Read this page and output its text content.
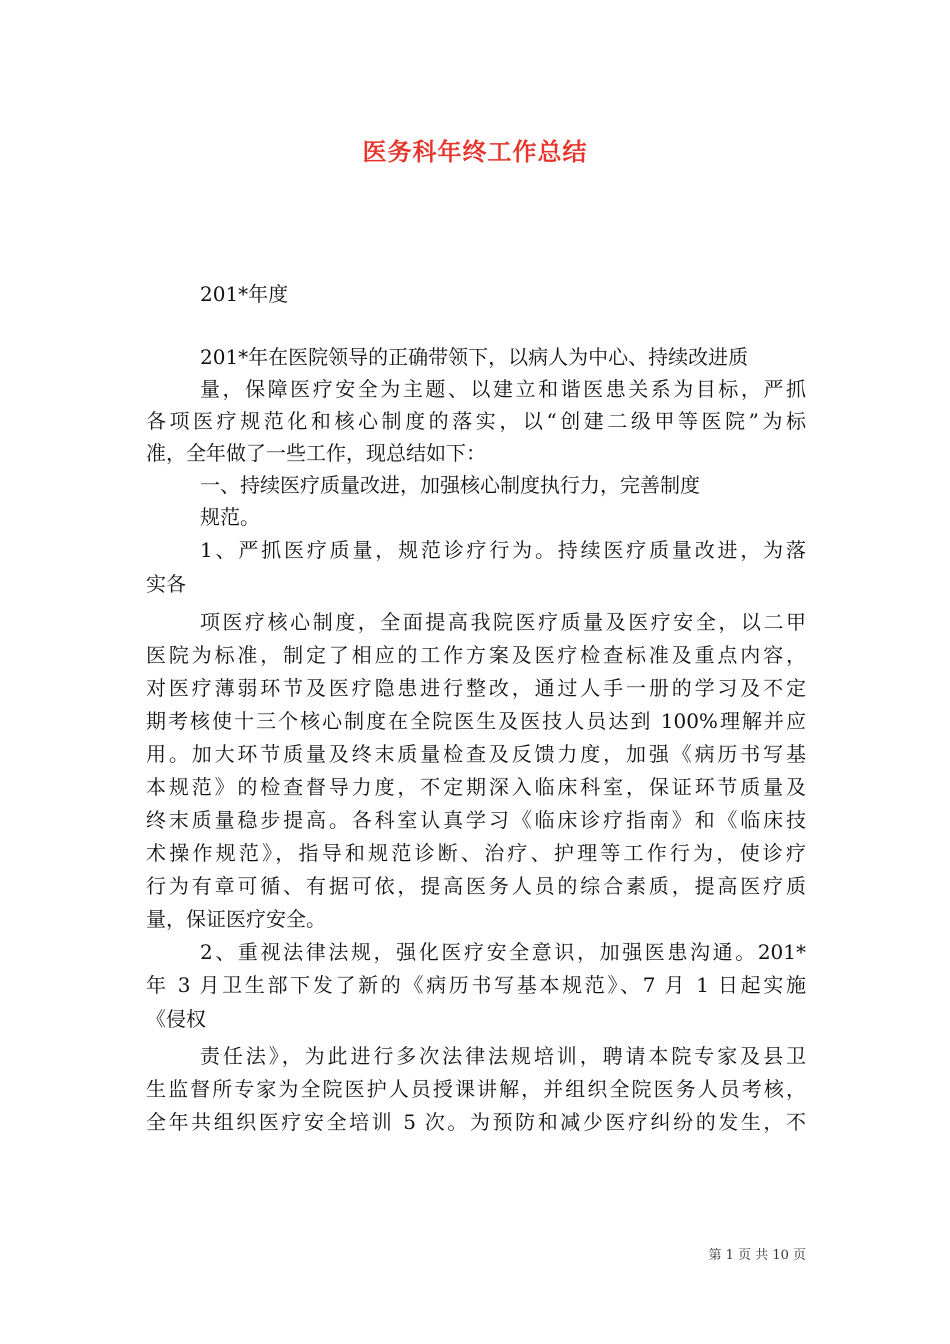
医务科年终工作总结
201*年度
201*年在医院领导的正确带领下，以病人为中心、持续改进质
量，保障医疗安全为主题、以建立和谐医患关系为目标，严抓
各项医疗规范化和核心制度的落实，以“创建二级甲等医院”为标
准，全年做了一些工作，现总结如下：
一、持续医疗质量改进，加强核心制度执行力，完善制度
规范。
1、严抓医疗质量，规范诊疗行为。持续医疗质量改进，为落
实各
项医疗核心制度，全面提高我院医疗质量及医疗安全，以二甲
医院为标准，制定了相应的工作方案及医疗检查标准及重点内容，
对医疗薄弱环节及医疗隐患进行整改，通过人手一册的学习及不定
期考核使十三个核心制度在全院医生及医技人员达到 100%理解并应
用。加大环节质量及终末质量检查及反馈力度，加强《病历书写基
本规范》的检查督导力度，不定期深入临床科室，保证环节质量及
终末质量稳步提高。各科室认真学习《临床诊疗指南》和《临床技
术操作规范》，指导和规范诊断、治疗、护理等工作行为，使诊疗
行为有章可循、有据可依，提高医务人员的综合素质，提高医疗质
量，保证医疗安全。
2、重视法律法规，强化医疗安全意识，加强医患沟通。201*
年 3 月卫生部下发了新的《病历书写基本规范》、7 月 1 日起实施
《侵权
责任法》，为此进行多次法律法规培训，聘请本院专家及县卫
生监督所专家为全院医护人员授课讲解，并组织全院医务人员考核，
全年共组织医疗安全培训 5 次。为预防和减少医疗纠纷的发生，不
第 1 页 共 10 页
